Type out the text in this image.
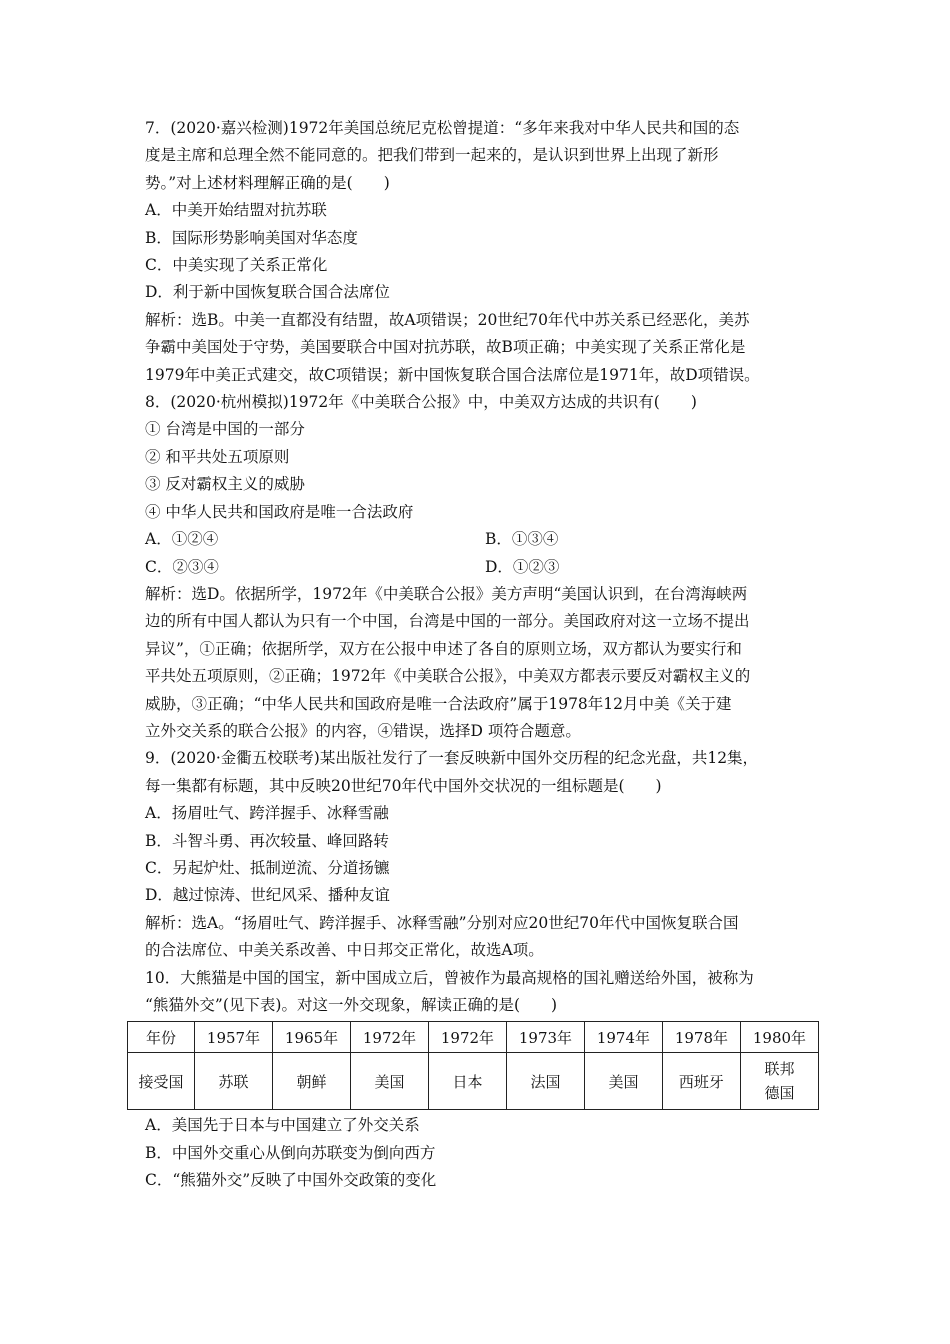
7．(2020·嘉兴检测)1972年美国总统尼克松曾提道：“多年来我对中华人民共和国的态
度是主席和总理全然不能同意的。把我们带到一起来的，是认识到世界上出现了新形
势。”对上述材料理解正确的是(　　)
A．中美开始结盟对抗苏联
B．国际形势影响美国对华态度
C．中美实现了关系正常化
D．利于新中国恢复联合国合法席位
解析：选B。中美一直都没有结盟，故A项错误；20世纪70年代中苏关系已经恶化，美苏
争霸中美国处于守势，美国要联合中国对抗苏联，故B项正确；中美实现了关系正常化是
1979年中美正式建交，故C项错误；新中国恢复联合国合法席位是1971年，故D项错误。
8．(2020·杭州模拟)1972年《中美联合公报》中，中美双方达成的共识有(　　)
① 台湾是中国的一部分
② 和平共处五项原则
③ 反对霸权主义的威胁
④ 中华人民共和国政府是唯一合法政府
A．①②④	B．①③④
C．②③④	D．①②③
解析：选D。依据所学，1972年《中美联合公报》美方声明“美国认识到，在台湾海峡两
边的所有中国人都认为只有一个中国，台湾是中国的一部分。美国政府对这一立场不提出
异议”，①正确；依据所学，双方在公报中申述了各自的原则立场，双方都认为要实行和
平共处五项原则，②正确；1972年《中美联合公报》，中美双方都表示要反对霸权主义的
威胁，③正确；“中华人民共和国政府是唯一合法政府”属于1978年12月中美《关于建
立外交关系的联合公报》的内容，④错误，选择D 项符合题意。
9．(2020·金衢五校联考)某出版社发行了一套反映新中国外交历程的纪念光盘，共12集，
每一集都有标题，其中反映20世纪70年代中国外交状况的一组标题是(　　)
A．扬眉吐气、跨洋握手、冰释雪融
B．斗智斗勇、再次较量、峰回路转
C．另起炉灶、抵制逆流、分道扬镳
D．越过惊涛、世纪风采、播种友谊
解析：选A。“扬眉吐气、跨洋握手、冰释雪融”分别对应20世纪70年代中国恢复联合国
的合法席位、中美关系改善、中日邦交正常化，故选A项。
10．大熊猫是中国的国宝，新中国成立后，曾被作为最高规格的国礼赠送给外国，被称为
“熊猫外交”(见下表)。对这一外交现象，解读正确的是(　　)
年份	1957年	1965年	1972年	1972年	1973年	1974年	1978年	1980年
接受国	苏联	朝鲜	美国	日本	法国	美国	西班牙	联邦
德国
A．美国先于日本与中国建立了外交关系
B．中国外交重心从倒向苏联变为倒向西方
C．“熊猫外交”反映了中国外交政策的变化
